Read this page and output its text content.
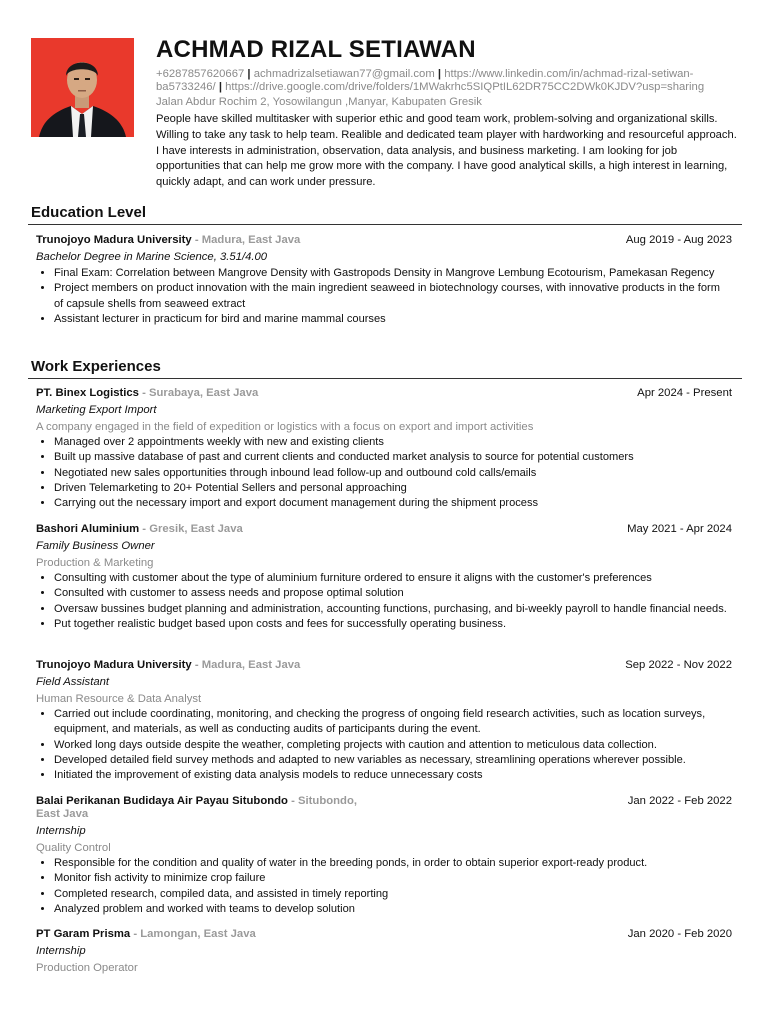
ACHMAD RIZAL SETIAWAN
+6287857620667 | achmadrizalsetiawan77@gmail.com | https://www.linkedin.com/in/achmad-rizal-setiwan-ba5733246/ | https://drive.google.com/drive/folders/1MWakrhc5SIQPtIL62DR75CC2DWk0KJDV?usp=sharing
Jalan Abdur Rochim 2, Yosowilangun ,Manyar, Kabupaten Gresik
People have skilled multitasker with superior ethic and good team work, problem-solving and organizational skills. Willing to take any task to help team. Realible and dedicated team player with hardworking and resourceful approach. I have interests in administration, observation, data analysis, and business marketing. I am looking for job opportunities that can help me grow more with the company. I have good analytical skills, a high interest in learning, quickly adapt, and can work under pressure.
Education Level
Trunojoyo Madura University - Madura, East Java	Aug 2019 - Aug 2023
Bachelor Degree in Marine Science, 3.51/4.00
• Final Exam: Correlation between Mangrove Density with Gastropods Density in Mangrove Lembung Ecotourism, Pamekasan Regency
• Project members on product innovation with the main ingredient seaweed in biotechnology courses, with innovative products in the form of capsule shells from seaweed extract
• Assistant lecturer in practicum for bird and marine mammal courses
Work Experiences
PT. Binex Logistics - Surabaya, East Java	Apr 2024 - Present
Marketing Export Import
A company engaged in the field of expedition or logistics with a focus on export and import activities
• Managed over 2 appointments weekly with new and existing clients
• Built up massive database of past and current clients and conducted market analysis to source for potential customers
• Negotiated new sales opportunities through inbound lead follow-up and outbound cold calls/emails
• Driven Telemarketing to 20+ Potential Sellers and personal approaching
• Carrying out the necessary import and export document management during the shipment process
Bashori Aluminium - Gresik, East Java	May 2021 - Apr 2024
Family Business Owner
Production & Marketing
• Consulting with customer about the type of aluminium furniture ordered to ensure it aligns with the customer's preferences
• Consulted with customer to assess needs and propose optimal solution
• Oversaw bussines budget planning and administration, accounting functions, purchasing, and bi-weekly payroll to handle financial needs.
• Put together realistic budget based upon costs and fees for successfully operating business.
Trunojoyo Madura University - Madura, East Java	Sep 2022 - Nov 2022
Field Assistant
Human Resource & Data Analyst
• Carried out include coordinating, monitoring, and checking the progress of ongoing field research activities, such as location surveys, equipment, and materials, as well as conducting audits of participants during the event.
• Worked long days outside despite the weather, completing projects with caution and attention to meticulous data collection.
• Developed detailed field survey methods and adapted to new variables as necessary, streamlining operations wherever possible.
• Initiated the improvement of existing data analysis models to reduce unnecessary costs
Balai Perikanan Budidaya Air Payau Situbondo - Situbondo,
East Java
Jan 2022 - Feb 2022
Internship
Quality Control
• Responsible for the condition and quality of water in the breeding ponds, in order to obtain superior export-ready product.
• Monitor fish activity to minimize crop failure
• Completed research, compiled data, and assisted in timely reporting
• Analyzed problem and worked with teams to develop solution
PT Garam Prisma - Lamongan, East Java	Jan 2020 - Feb 2020
Internship
Production Operator
